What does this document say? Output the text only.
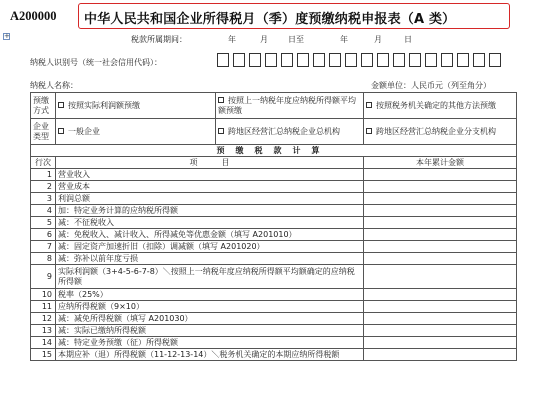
A200000 中华人民共和国企业所得税月（季）度预缴纳税申报表（A 类）
+	税款所属期间：	年	月	日至	年	月	日
纳税人识别号（统一社会信用代码）：
纳税人名称：	金额单位：人民币元（列至角分）
预缴方式	按照实际利润额预缴	按照上一纳税年度应纳税所得额平均额预缴	按照税务机关确定的其他方法预缴
企业类型	一般企业	跨地区经营汇总纳税企业总机构	跨地区经营汇总纳税企业分支机构
预缴税款计算			
行次	项　　　目		本年累计金额
1	营业收入		
2	营业成本		
3	利润总额		
4	加：特定业务计算的应纳税所得额		
5	减：不征税收入		
6	减：免税收入、减计收入、所得减免等优惠金额（填写 A201010）		
7	减：固定资产加速折旧（扣除）调减额（填写 A201020）		
8	减：弥补以前年度亏损		
9	实际利润额（3+4-5-6-7-8）＼按照上一纳税年度应纳税所得额平均额确定的应纳税所得额		
10	税率（25%）		
11	应纳所得税额（9×10）		
12	减：减免所得税额（填写 A201030）		
13	减：实际已缴纳所得税额		
14	减：特定业务预缴（征）所得税额		
15	本期应补（退）所得税额（11-12-13-14）＼税务机关确定的本期应纳所得税额		
